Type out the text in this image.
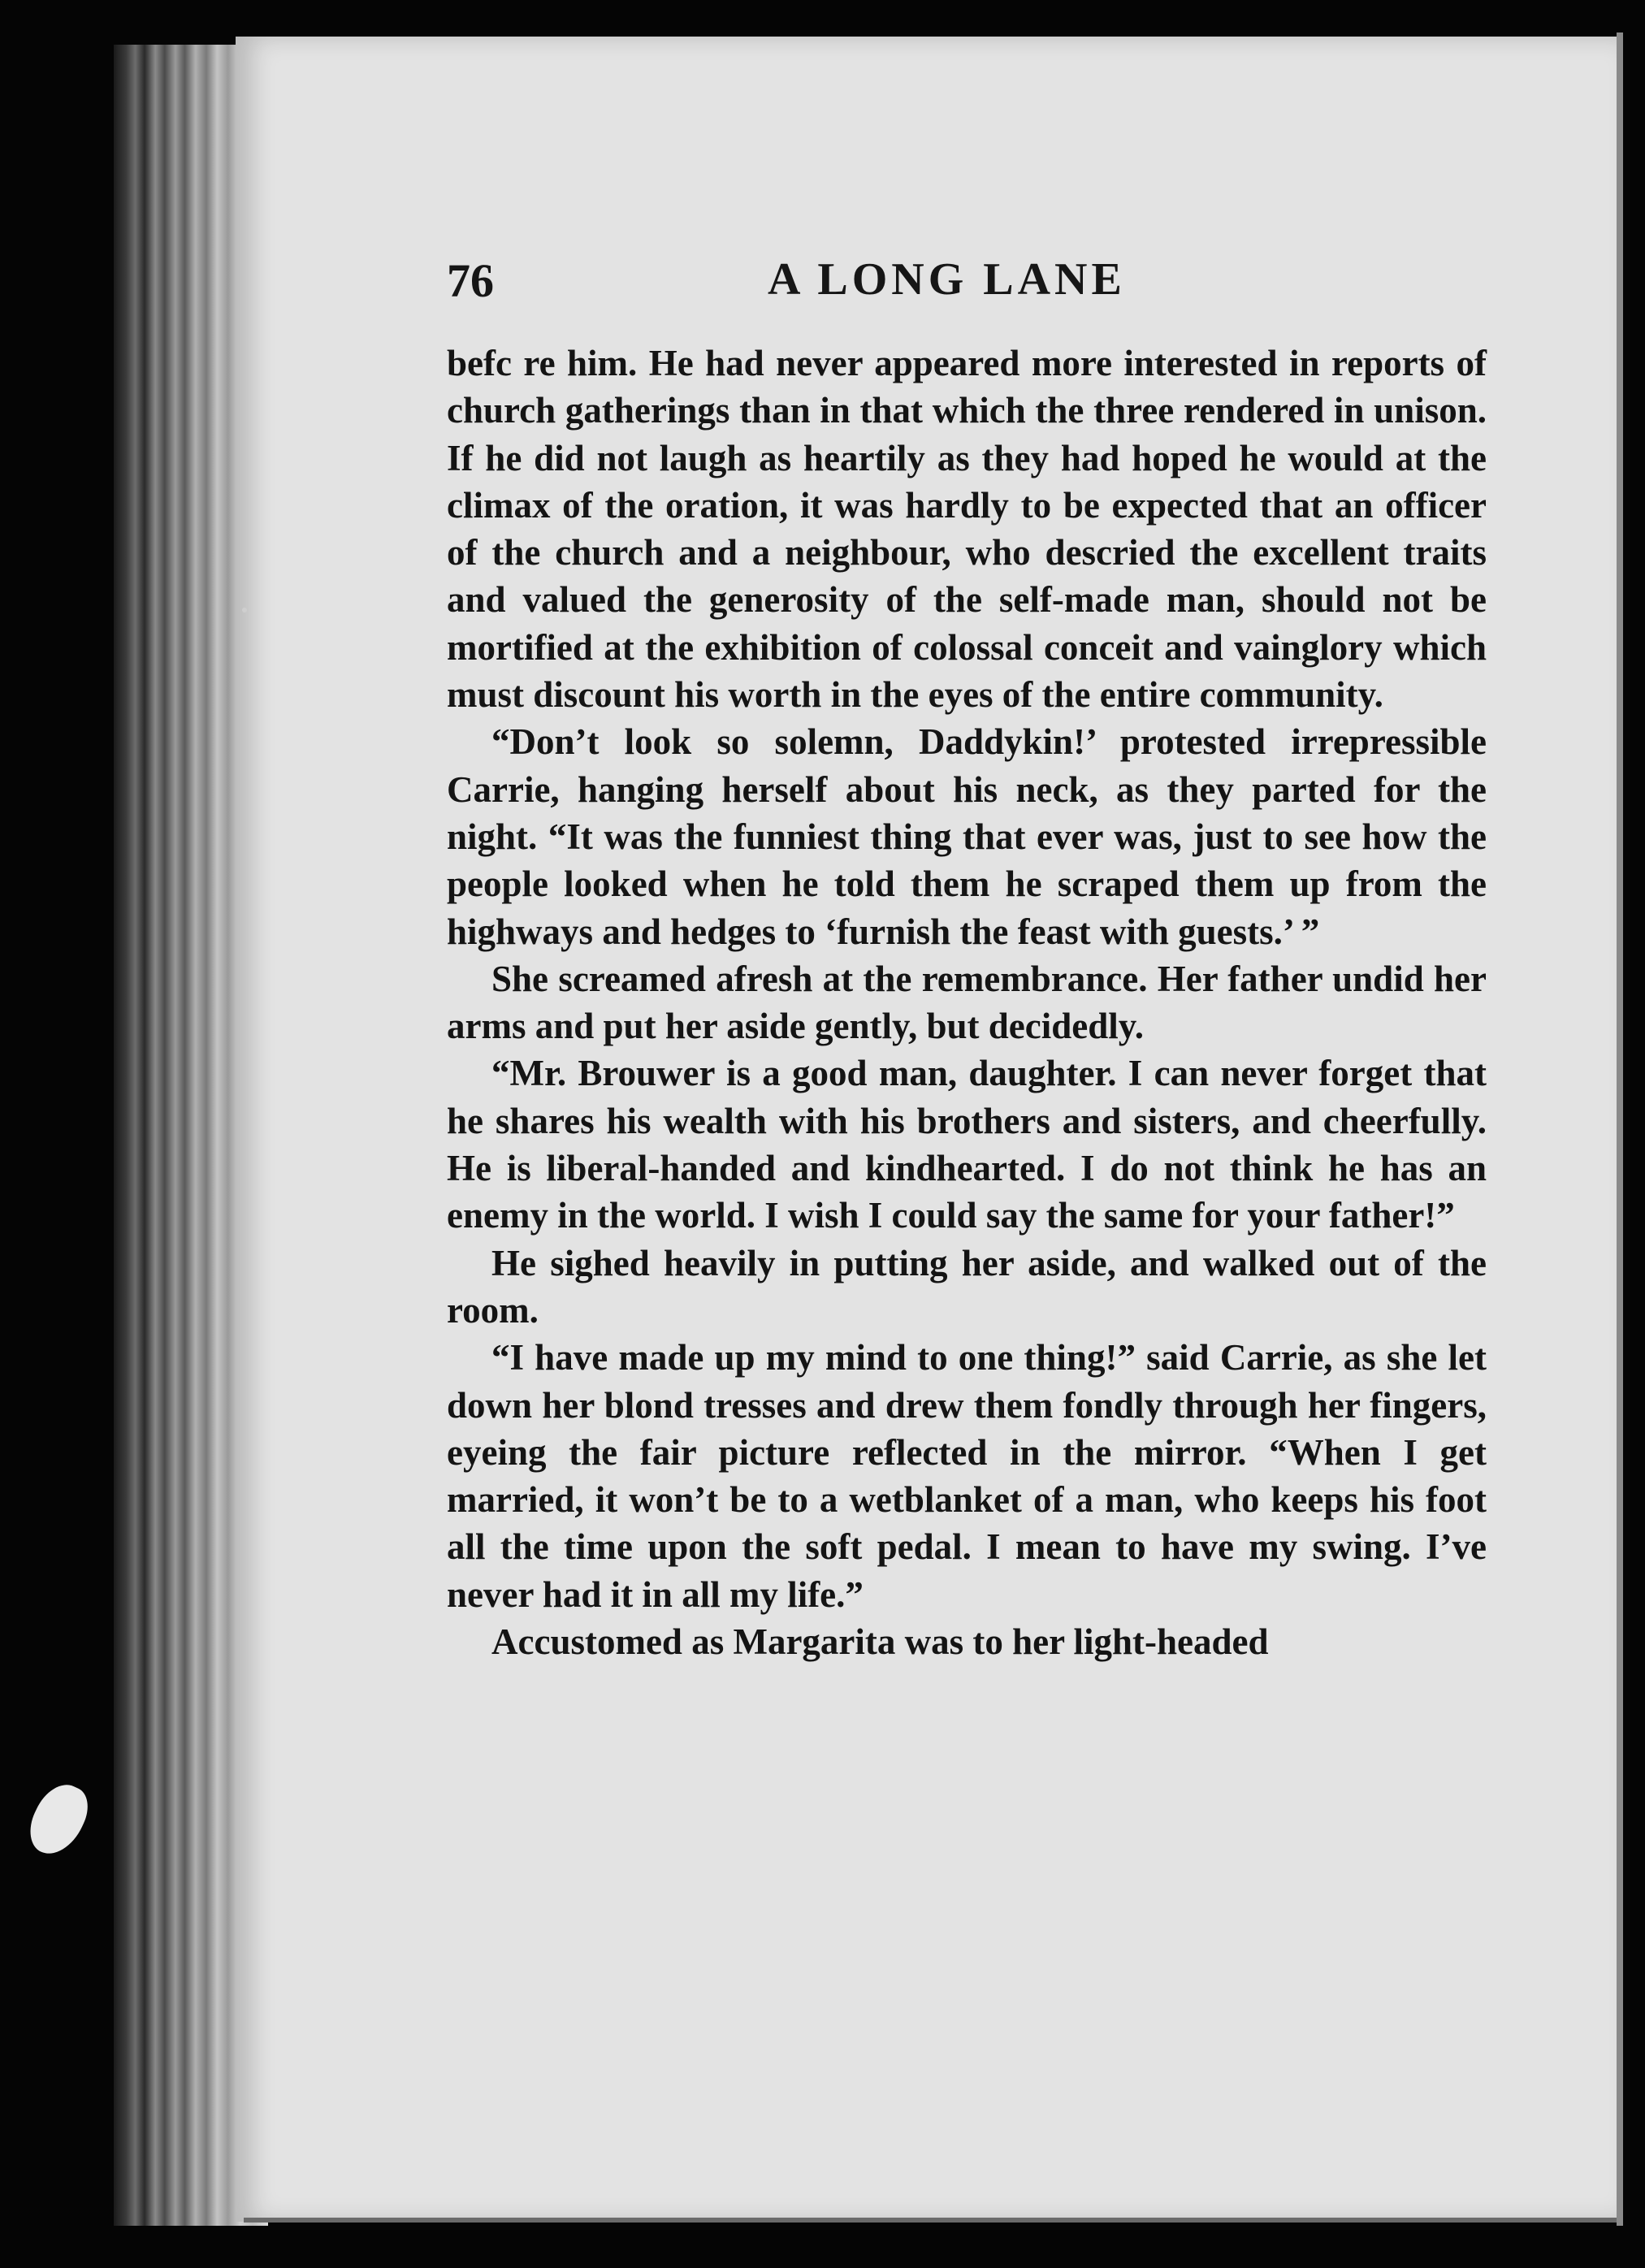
76	A LONG LANE

befc re him. He had never appeared more interested in reports of church gatherings than in that which the three rendered in unison. If he did not laugh as heartily as they had hoped he would at the climax of the oration, it was hardly to be expected that an officer of the church and a neighbour, who descried the excellent traits and valued the generosity of the self-made man, should not be mortified at the exhibition of colossal conceit and vainglory which must discount his worth in the eyes of the entire community.

“Don’t look so solemn, Daddykin!’ protested irrepressible Carrie, hanging herself about his neck, as they parted for the night. “It was the funniest thing that ever was, just to see how the people looked when he told them he scraped them up from the highways and hedges to ‘furnish the feast with guests.’ ”

She screamed afresh at the remembrance. Her father undid her arms and put her aside gently, but decidedly.

“Mr. Brouwer is a good man, daughter. I can never forget that he shares his wealth with his brothers and sisters, and cheerfully. He is liberal-handed and kindhearted. I do not think he has an enemy in the world. I wish I could say the same for your father!”

He sighed heavily in putting her aside, and walked out of the room.

“I have made up my mind to one thing!” said Carrie, as she let down her blond tresses and drew them fondly through her fingers, eyeing the fair picture reflected in the mirror. “When I get married, it won’t be to a wetblanket of a man, who keeps his foot all the time upon the soft pedal. I mean to have my swing. I’ve never had it in all my life.”

Accustomed as Margarita was to her light-headed
